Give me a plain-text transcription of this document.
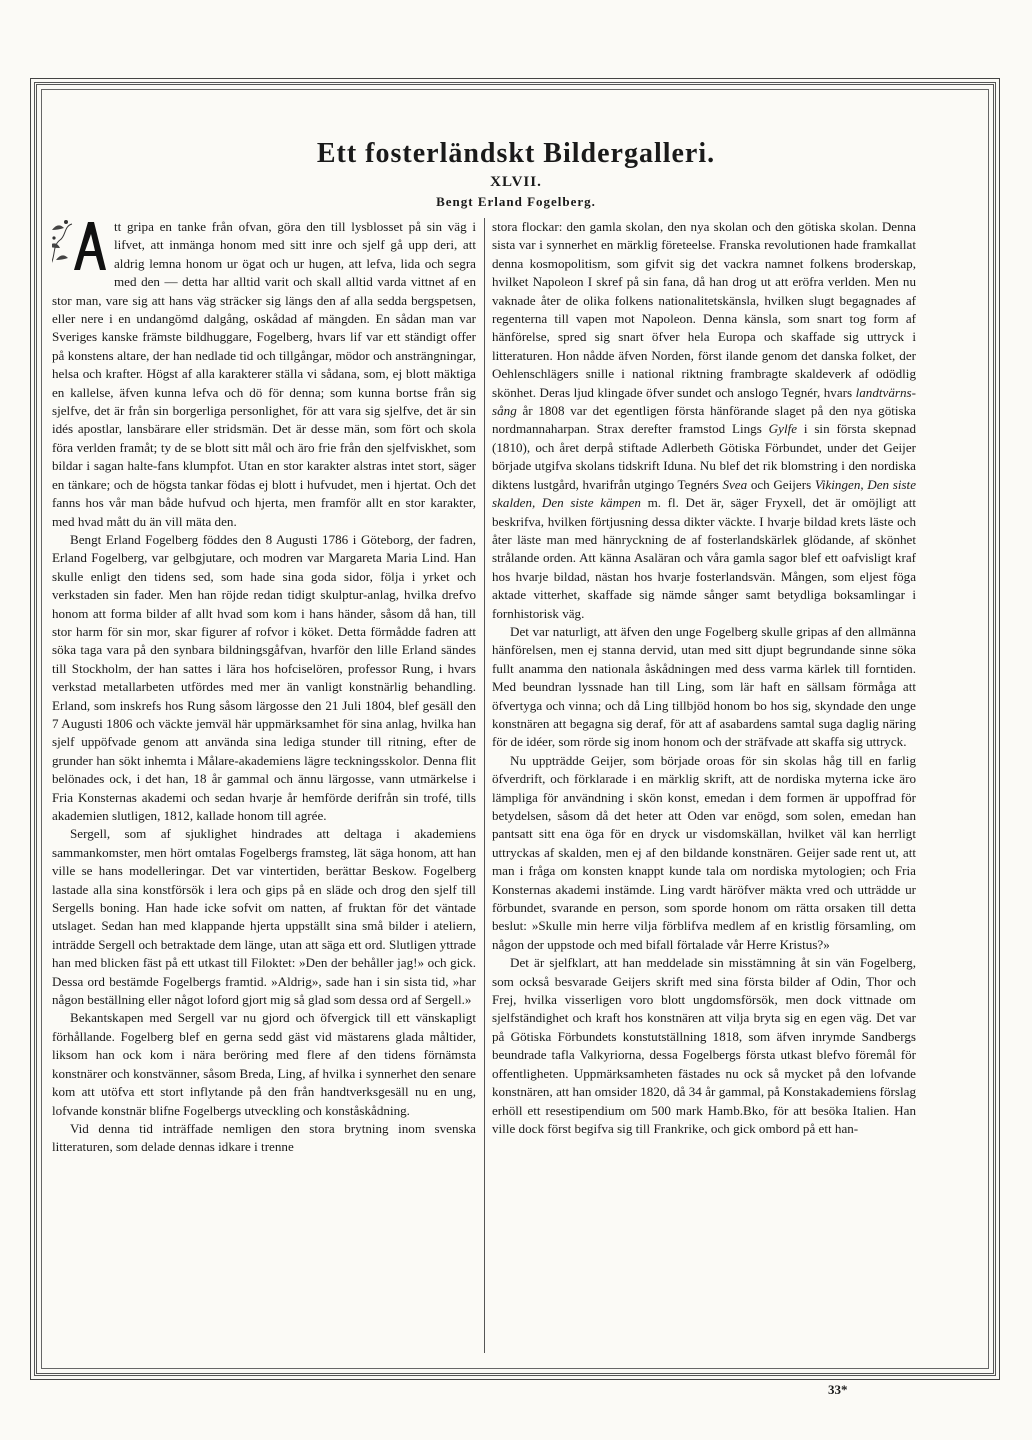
Ett fosterländskt Bildergalleri.
XLVII.
Bengt Erland Fogelberg.

tt gripa en tanke från ofvan, göra den till lysblosset på sin väg i lifvet, att inmänga honom med sitt inre och sjelf gå upp deri, att aldrig lemna honom ur ögat och ur hugen, att lefva, lida och segra med den — detta har alltid varit och skall alltid varda vittnet af en stor man, vare sig att hans väg sträcker sig längs den af alla sedda bergspetsen, eller nere i en undangömd dalgång, oskådad af mängden. En sådan man var Sveriges kanske främste bildhuggare, Fogelberg, hvars lif var ett ständigt offer på konstens altare, der han nedlade tid och tillgångar, mödor och ansträngningar, helsa och krafter. Högst af alla karakterer ställa vi sådana, som, ej blott mäktiga en kallelse, äfven kunna lefva och dö för denna; som kunna bortse från sig sjelfve, det är från sin borgerliga personlighet, för att vara sig sjelfve, det är sin idés apostlar, lansbärare eller stridsmän. Det är desse män, som fört och skola föra verlden framåt; ty de se blott sitt mål och äro frie från den sjelfviskhet, som bildar i sagan halte-fans klumpfot. Utan en stor karakter alstras intet stort, säger en tänkare; och de högsta tankar födas ej blott i hufvudet, men i hjertat. Och det fanns hos vår man både hufvud och hjerta, men framför allt en stor karakter, med hvad mått du än vill mäta den.

Bengt Erland Fogelberg föddes den 8 Augusti 1786 i Göteborg, der fadren, Erland Fogelberg, var gelbgjutare, och modren var Margareta Maria Lind. Han skulle enligt den tidens sed, som hade sina goda sidor, följa i yrket och verkstaden sin fader. Men han röjde redan tidigt skulptur-anlag, hvilka drefvo honom att forma bilder af allt hvad som kom i hans händer, såsom då han, till stor harm för sin mor, skar figurer af rofvor i köket. Detta förmådde fadren att söka taga vara på den synbara bildningsgåfvan, hvarför den lille Erland sändes till Stockholm, der han sattes i lära hos hofciselören, professor Rung, i hvars verkstad metallarbeten utfördes med mer än vanligt konstnärlig behandling. Erland, som inskrefs hos Rung såsom lärgosse den 21 Juli 1804, blef gesäll den 7 Augusti 1806 och väckte jemväl här uppmärksamhet för sina anlag, hvilka han sjelf uppöfvade genom att använda sina lediga stunder till ritning, efter de grunder han sökt inhemta i Målare-akademiens lägre teckningsskolor. Denna flit belönades ock, i det han, 18 år gammal och ännu lärgosse, vann utmärkelse i Fria Konsternas akademi och sedan hvarje år hemförde derifrån sin trofé, tills akademien slutligen, 1812, kallade honom till agrée.

Sergell, som af sjuklighet hindrades att deltaga i akademiens sammankomster, men hört omtalas Fogelbergs framsteg, lät säga honom, att han ville se hans modelleringar. Det var vintertiden, berättar Beskow. Fogelberg lastade alla sina konstförsök i lera och gips på en släde och drog den sjelf till Sergells boning. Han hade icke sofvit om natten, af fruktan för det väntade utslaget. Sedan han med klappande hjerta uppställt sina små bilder i ateliern, inträdde Sergell och betraktade dem länge, utan att säga ett ord. Slutligen yttrade han med blicken fäst på ett utkast till Filoktet: »Den der behåller jag!» och gick. Dessa ord bestämde Fogelbergs framtid. »Aldrig», sade han i sin sista tid, »har någon beställning eller något loford gjort mig så glad som dessa ord af Sergell.»

Bekantskapen med Sergell var nu gjord och öfvergick till ett vänskapligt förhållande. Fogelberg blef en gerna sedd gäst vid mästarens glada måltider, liksom han ock kom i nära beröring med flere af den tidens förnämsta konstnärer och konstvänner, såsom Breda, Ling, af hvilka i synnerhet den senare kom att utöfva ett stort inflytande på den från handtverksgesäll nu en ung, lofvande konstnär blifne Fogelbergs utveckling och konståskådning.

Vid denna tid inträffade nemligen den stora brytning inom svenska litteraturen, som delade dennas idkare i trenne

stora flockar: den gamla skolan, den nya skolan och den götiska skolan. Denna sista var i synnerhet en märklig företeelse. Franska revolutionen hade framkallat denna kosmopolitism, som gifvit sig det vackra namnet folkens broderskap, hvilket Napoleon I skref på sin fana, då han drog ut att eröfra verlden. Men nu vaknade åter de olika folkens nationalitetskänsla, hvilken slugt begagnades af regenterna till vapen mot Napoleon. Denna känsla, som snart tog form af hänförelse, spred sig snart öfver hela Europa och skaffade sig uttryck i litteraturen. Hon nådde äfven Norden, först ilande genom det danska folket, der Oehlenschlägers snille i national riktning frambragte skaldeverk af odödlig skönhet. Deras ljud klingade öfver sundet och anslogo Tegnér, hvars landtvärns-sång år 1808 var det egentligen första hänförande slaget på den nya götiska nordmannaharpan. Strax derefter framstod Lings Gylfe i sin första skepnad (1810), och året derpå stiftade Adlerbeth Götiska Förbundet, under det Geijer började utgifva skolans tidskrift Iduna. Nu blef det rik blomstring i den nordiska diktens lustgård, hvarifrån utgingo Tegnérs Svea och Geijers Vikingen, Den siste skalden, Den siste kämpen m. fl. Det är, säger Fryxell, det är omöjligt att beskrifva, hvilken förtjusning dessa dikter väckte. I hvarje bildad krets läste och åter läste man med hänryckning de af fosterlandskärlek glödande, af skönhet strålande orden. Att känna Asaläran och våra gamla sagor blef ett oafvisligt kraf hos hvarje bildad, nästan hos hvarje fosterlandsvän. Mången, som eljest föga aktade vitterhet, skaffade sig nämde sånger samt betydliga boksamlingar i fornhistorisk väg.

Det var naturligt, att äfven den unge Fogelberg skulle gripas af den allmänna hänförelsen, men ej stanna dervid, utan med sitt djupt begrundande sinne söka fullt anamma den nationala åskådningen med dess varma kärlek till forntiden. Med beundran lyssnade han till Ling, som lär haft en sällsam förmåga att öfvertyga och vinna; och då Ling tillbjöd honom bo hos sig, skyndade den unge konstnären att begagna sig deraf, för att af asabardens samtal suga daglig näring för de idéer, som rörde sig inom honom och der sträfvade att skaffa sig uttryck.

Nu uppträdde Geijer, som började oroas för sin skolas håg till en farlig öfverdrift, och förklarade i en märklig skrift, att de nordiska myterna icke äro lämpliga för användning i skön konst, emedan i dem formen är uppoffrad för betydelsen, såsom då det heter att Oden var enögd, som solen, emedan han pantsatt sitt ena öga för en dryck ur visdomskällan, hvilket väl kan herrligt uttryckas af skalden, men ej af den bildande konstnären. Geijer sade rent ut, att man i fråga om konsten knappt kunde tala om nordiska mytologien; och Fria Konsternas akademi instämde. Ling vardt häröfver mäkta vred och utträdde ur förbundet, svarande en person, som sporde honom om rätta orsaken till detta beslut: »Skulle min herre vilja förblifva medlem af en kristlig församling, om någon der uppstode och med bifall förtalade vår Herre Kristus?»

Det är sjelfklart, att han meddelade sin misstämning åt sin vän Fogelberg, som också besvarade Geijers skrift med sina första bilder af Odin, Thor och Frej, hvilka visserligen voro blott ungdomsförsök, men dock vittnade om sjelfständighet och kraft hos konstnären att vilja bryta sig en egen väg. Det var på Götiska Förbundets konstutställning 1818, som äfven inrymde Sandbergs beundrade tafla Valkyriorna, dessa Fogelbergs första utkast blefvo föremål för offentligheten. Uppmärksamheten fästades nu ock så mycket på den lofvande konstnären, att han omsider 1820, då 34 år gammal, på Konstakademiens förslag erhöll ett resestipendium om 500 mark Hamb.Bko, för att besöka Italien. Han ville dock först begifva sig till Frankrike, och gick ombord på ett han-

33*
